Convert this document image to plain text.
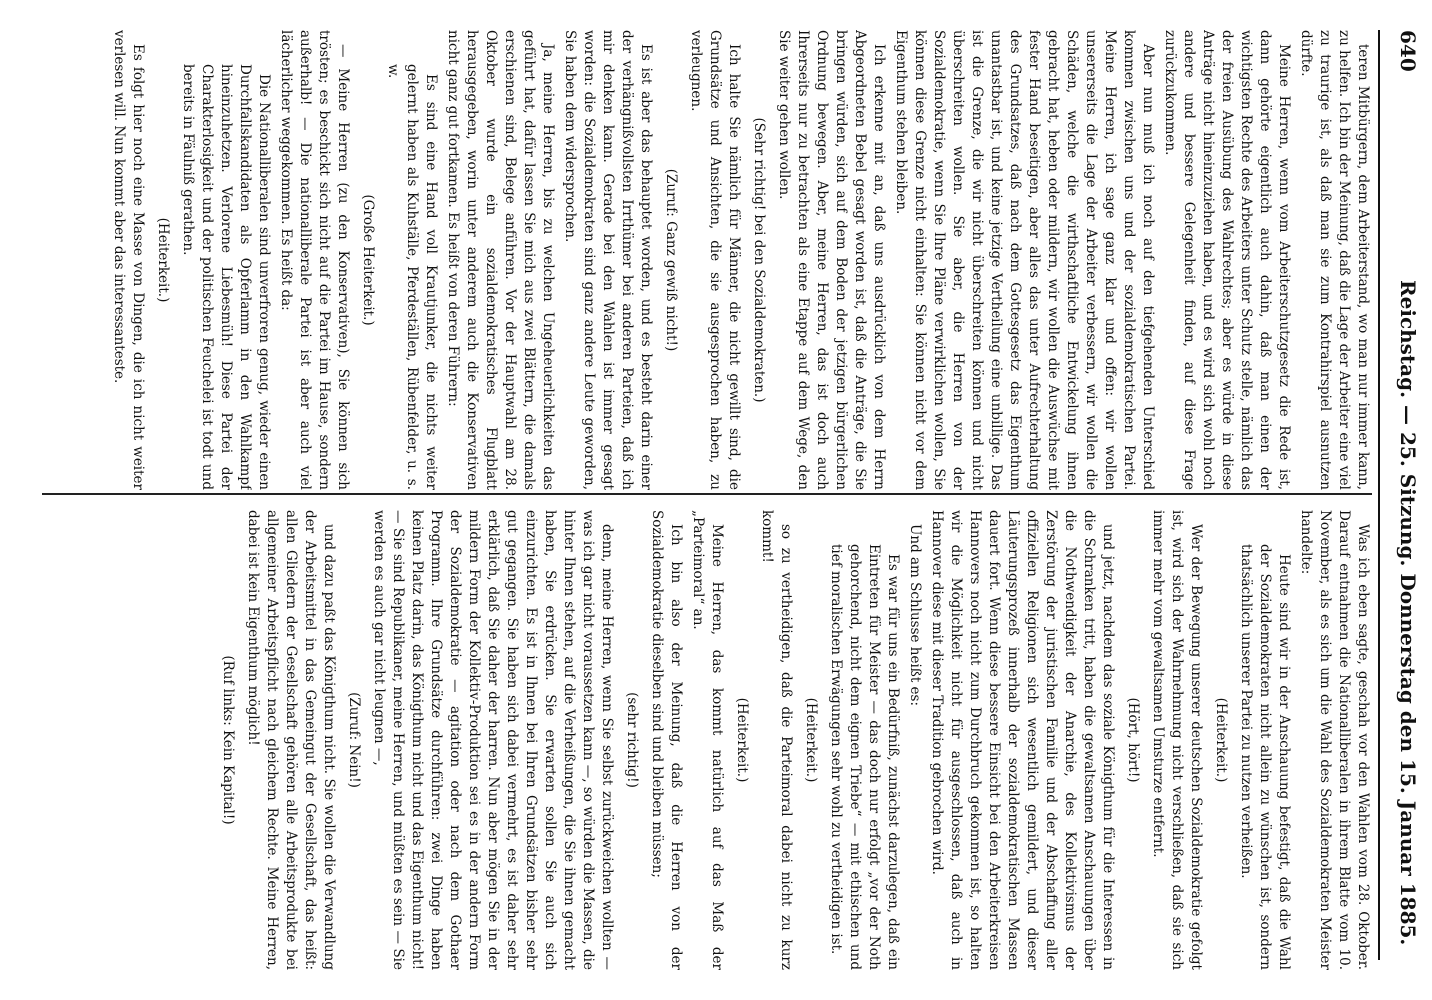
640
Reichstag. — 25. Sitzung. Donnerstag den 15. Januar 1885.

teren Mitbürgern, dem Arbeiterstand, wo man nur immer kann, zu helfen. Ich bin der Meinung, daß die Lage der Arbeiter eine viel zu traurige ist, als daß man sie zum Kontrahirspiel ausnutzen dürfte.

Meine Herren, wenn vom Arbeiterschutzgesetz die Rede ist, dann gehörte eigentlich auch dahin, daß man einen der wichtigsten Rechte des Arbeiters unter Schutz stelle, nämlich das der freien Ausübung des Wahlrechtes; aber es würde in diese Anträge nicht hineinzuziehen haben, und es wird sich wohl noch andere und bessere Gelegenheit finden, auf diese Frage zurückzukommen.

Aber nun muß ich noch auf den tiefgehenden Unterschied kommen zwischen uns und der sozialdemokratischen Partei. Meine Herren, ich sage ganz klar und offen: wir wollen unsererseits die Lage der Arbeiter verbessern, wir wollen die Schäden, welche die wirthschaftliche Entwickelung ihnen gebracht hat, heben oder mildern, wir wollen die Auswüchse mit fester Hand beseitigen, aber alles das unter Aufrechterhaltung des Grundsatzes, daß nach dem Gottesgesetz das Eigenthum unantastbar ist, und keine jetzige Vertheilung eine unbillige. Das ist die Grenze, die wir nicht überschreiten können und nicht überschreiten wollen. Sie aber, die Herren von der Sozialdemokratie, wenn Sie Ihre Pläne verwirklichen wollen, Sie können diese Grenze nicht einhalten: Sie können nicht vor dem Eigenthum stehen bleiben.

Ich erkenne mit an, daß uns ausdrücklich von dem Herrn Abgeordneten Bebel gesagt worden ist, daß die Anträge, die Sie bringen würden, sich auf dem Boden der jetzigen bürgerlichen Ordnung bewegen. Aber, meine Herren, das ist doch auch Ihrerseits nur zu betrachten als eine Etappe auf dem Wege, den Sie weiter gehen wollen.

(Sehr richtig! bei den Sozialdemokraten.)

Ich halte Sie nämlich für Männer, die nicht gewillt sind, die Grundsätze und Ansichten, die sie ausgesprochen haben, zu verleugnen.

(Zuruf: Ganz gewiß nicht!)

Es ist aber das behauptet worden, und es besteht darin einer der verhängnißvollsten Irrthümer bei anderen Parteien, daß ich mir denken kann. Gerade bei den Wahlen ist immer gesagt worden: die Sozialdemokraten sind ganz andere Leute geworden, Sie haben dem widersprochen.

Ja, meine Herren, bis zu welchen Ungeheuerlichkeiten das geführt hat, dafür lassen Sie mich aus zwei Blättern, die damals erschienen sind, Belege anführen. Vor der Hauptwahl am 28. Oktober wurde ein sozialdemokratisches Flugblatt herausgegeben, worin unter anderem auch die Konservativen nicht ganz gut fortkamen. Es heißt von deren Führern:

Es sind eine Hand voll Krautjunker, die nichts weiter gelernt haben als Kuhställe, Pferdeställen, Rübenfelder, u. s. w.

(Große Heiterkeit.)

— Meine Herren (zu den Konservativen), Sie können sich trösten; es beschickt sich nicht auf die Partei im Hause, sondern außerhalb! — Die nationalliberale Partei ist aber auch viel lächerlicher weggekommen. Es heißt da:

Die Nationalliberalen sind unverfroren genug, wieder einen Durchfallskandidaten als Opferlamm in den Wahlkampf hineinzuhetzen. Verlorene Liebesmüh! Diese Partei der Charakterlosigkeit und der politischen Feuchelei ist todt und bereits in Fäulniß gerathen.

(Heiterkeit.)

Es folgt hier noch eine Masse von Dingen, die ich nicht weiter verlesen will. Nun kommt aber das interessanteste.

Was ich eben sagte, geschah vor den Wahlen vom 28. Oktober. Darauf entnahmen die Nationalliberalen in ihrem Blatte vom 10. November, als es sich um die Wahl des Sozialdemokraten Meister handelte:

Heute sind wir in der Anschauung befestigt, daß die Wahl der Sozialdemokraten nicht allein zu wünschen ist, sondern thatsächlich unserer Partei zu nutzen verheißen.

(Heiterkeit.)

Wer der Bewegung unserer deutschen Sozialdemokratie gefolgt ist, wird sich der Wahrnehmung nicht verschließen, daß sie sich immer mehr vom gewaltsamen Umsturze entfernt.

(Hört, hört!)

und jetzt, nachdem das soziale Königthum für die Interessen in die Schranken tritt, haben die gewaltsamen Anschauungen über die Nothwendigkeit der Anarchie, des Kollektivismus der Zerstörung der juristischen Familie und der Abschaffung aller offiziellen Religionen sich wesentlich gemildert, und dieser Läuterungsprozeß innerhalb der sozialdemokratischen Massen dauert fort. Wenn diese bessere Einsicht bei den Arbeiterkreisen Hannovers noch nicht zum Durchbruch gekommen ist, so halten wir die Möglichkeit nicht für ausgeschlossen, daß auch in Hannover diese mit dieser Tradition gebrochen wird.

Und am Schlusse heißt es:

Es war für uns ein Bedürfniß, zunächst darzulegen, daß ein Eintreten für Meister — das doch nur erfolgt „vor der Noth gehorchend, nicht dem eignen Triebe“ — mit ethischen und tief moralischen Erwägungen sehr wohl zu vertheidigen ist.

(Heiterkeit.)

so zu vertheidigen, daß die Parteimoral dabei nicht zu kurz kommt!

(Heiterkeit.)

Meine Herren, das kommt natürlich auf das Maß der „Parteimoral“ an.

Ich bin also der Meinung, daß die Herren von der Sozialdemokratie dieselben sind und bleiben müssen;

(sehr richtig!)

denn, meine Herren, wenn Sie selbst zurückweichen wollten — was ich gar nicht voraussetzen kann —, so würden die Massen, die hinter Ihnen stehen, auf die Verheißungen, die Sie ihnen gemacht haben, Sie erdrücken. Sie erwarten sollen Sie auch sich einzurichten. Es ist in Ihnen bei Ihren Grundsätzen bisher sehr gut gegangen. Sie haben sich dabei vermehrt, es ist daher sehr erklärlich, daß Sie daher der harren. Nun aber mögen Sie in der mildern Form der Kollektiv-Produktion sei es in der andern Form der Sozialdemokratie — agitation oder nach dem Gothaer Programm. Ihre Grundsätze durchführen: zwei Dinge haben keinen Platz darin, das Königthum nicht und das Eigenthum nicht! — Sie sind Republikaner, meine Herren, und müßten es sein — Sie werden es auch gar nicht leugnen —,

(Zuruf: Nein!)

und dazu paßt das Königthum nicht. Sie wollen die Verwandlung der Arbeitsmittel in das Gemeingut der Gesellschaft, das heißt: allen Gliedern der Gesellschaft gehören alle Arbeitsprodukte bei allgemeiner Arbeitspflicht nach gleichem Rechte. Meine Herren, dabei ist kein Eigenthum möglich!

(Ruf links: Kein Kapital!)
